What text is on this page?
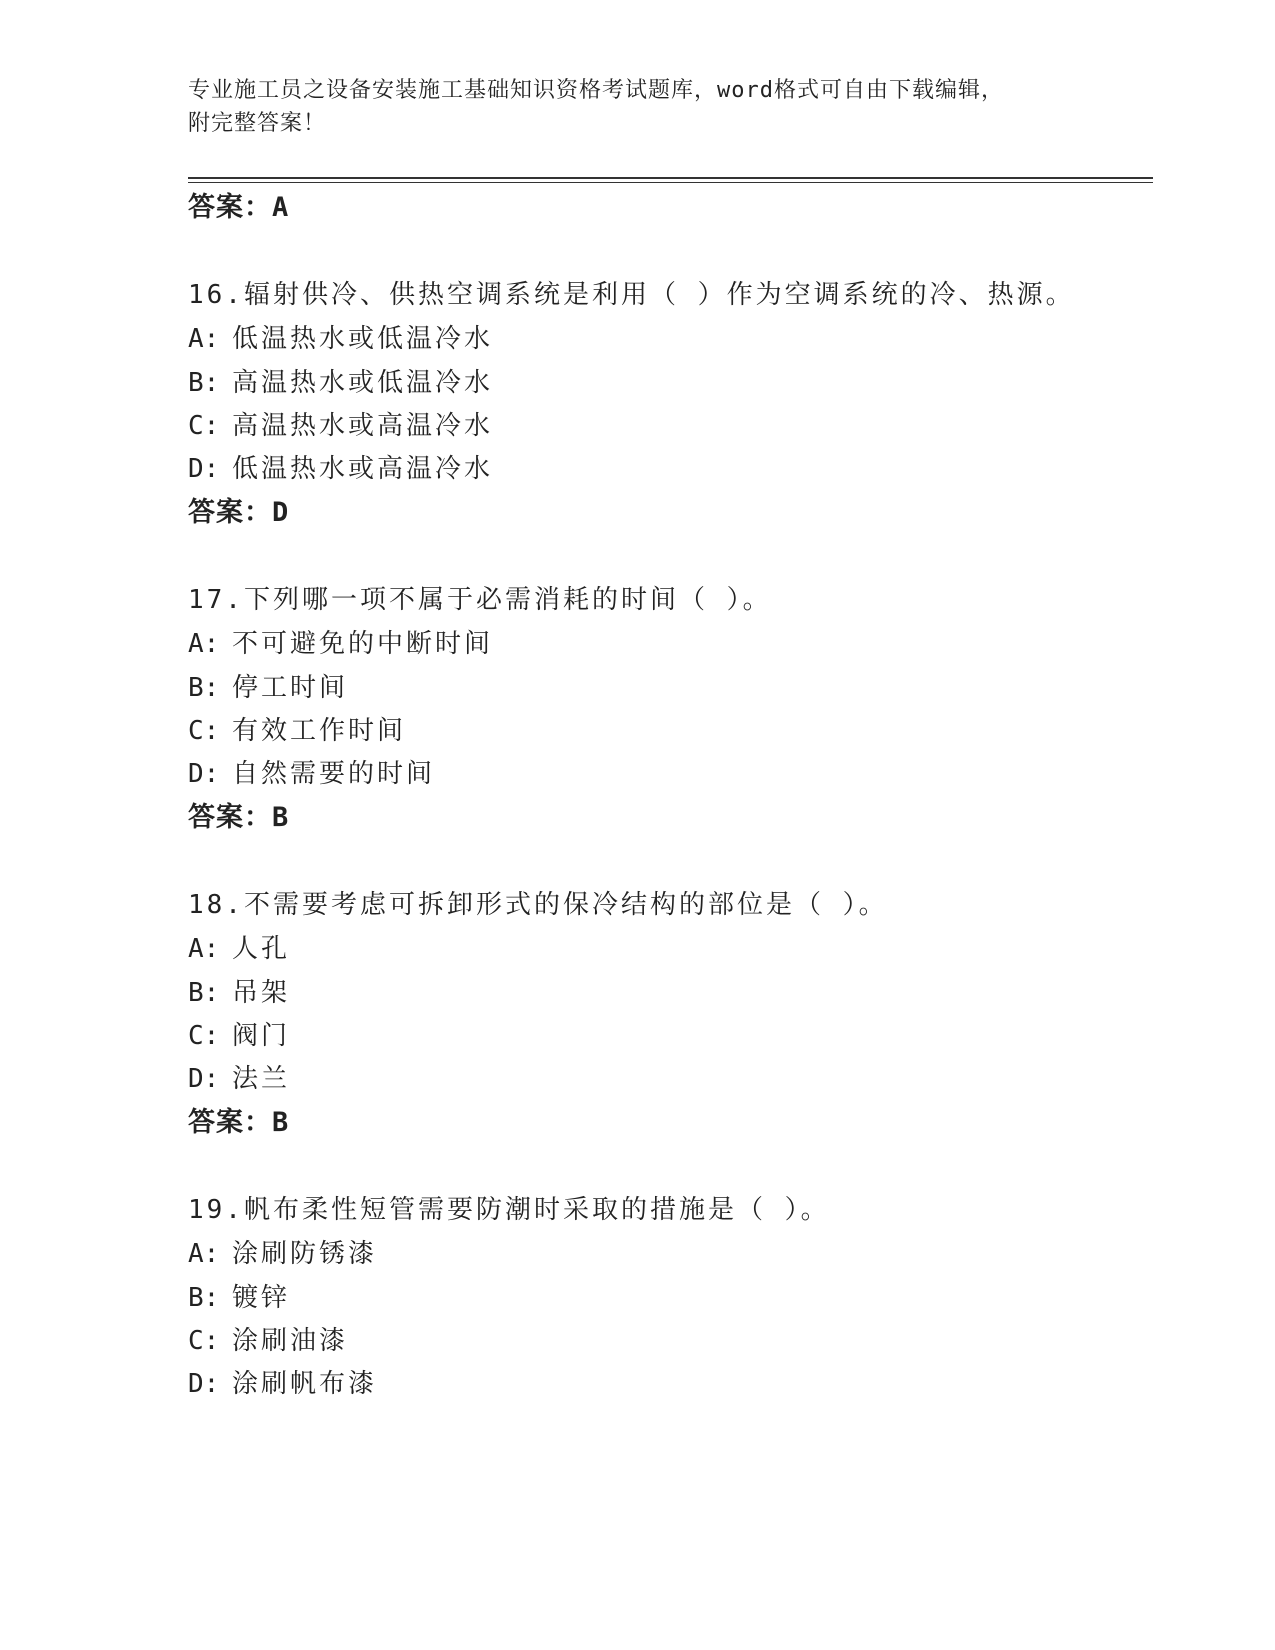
专业施工员之设备安装施工基础知识资格考试题库，word格式可自由下载编辑，
附完整答案！
答案：A
16.辐射供冷、供热空调系统是利用（ ）作为空调系统的冷、热源。
A: 低温热水或低温冷水
B: 高温热水或低温冷水
C: 高温热水或高温冷水
D: 低温热水或高温冷水
答案：D
17.下列哪一项不属于必需消耗的时间（ ）。
A: 不可避免的中断时间
B: 停工时间
C: 有效工作时间
D: 自然需要的时间
答案：B
18.不需要考虑可拆卸形式的保冷结构的部位是（ ）。
A: 人孔
B: 吊架
C: 阀门
D: 法兰
答案：B
19.帆布柔性短管需要防潮时采取的措施是（ ）。
A: 涂刷防锈漆
B: 镀锌
C: 涂刷油漆
D: 涂刷帆布漆
